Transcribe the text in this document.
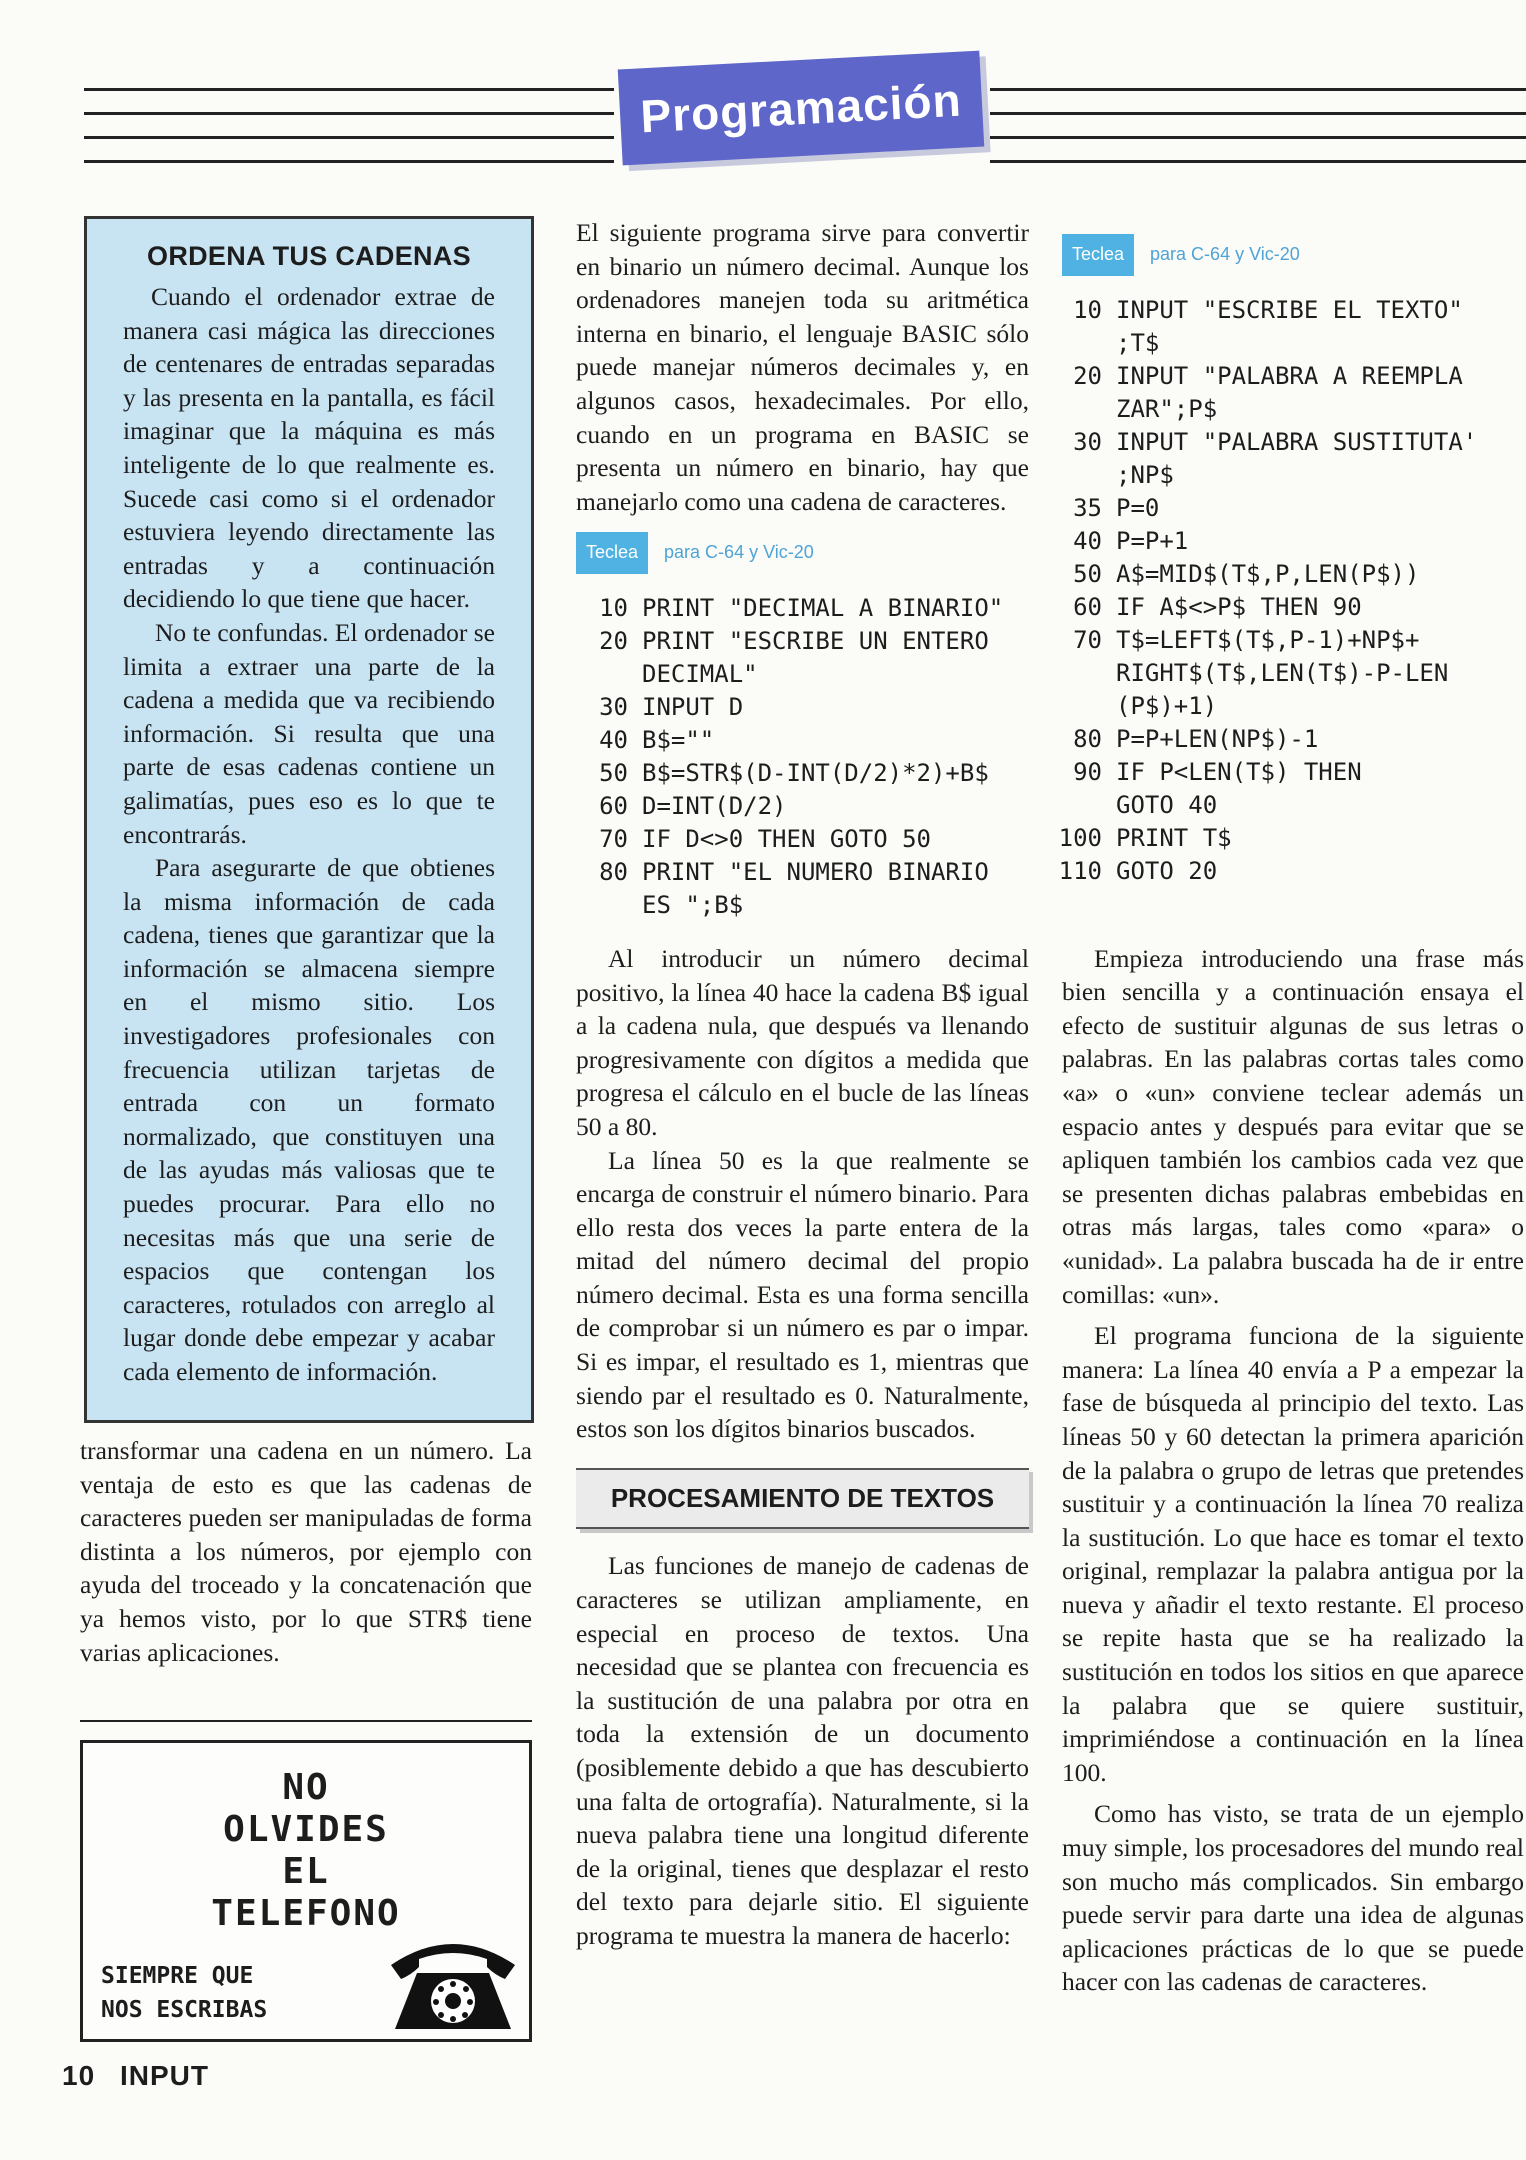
Programación
ORDENA TUS CADENAS

Cuando el ordenador extrae de manera casi mágica las direcciones de centenares de entradas separadas y las presenta en la pantalla, es fácil imaginar que la máquina es más inteligente de lo que realmente es. Sucede casi como si el ordenador estuviera leyendo directamente las entradas y a continuación decidiendo lo que tiene que hacer.

No te confundas. El ordenador se limita a extraer una parte de la cadena a medida que va recibiendo información. Si resulta que una parte de esas cadenas contiene un galimatías, pues eso es lo que te encontrarás.

Para asegurarte de que obtienes la misma información de cada cadena, tienes que garantizar que la información se almacena siempre en el mismo sitio. Los investigadores profesionales con frecuencia utilizan tarjetas de entrada con un formato normalizado, que constituyen una de las ayudas más valiosas que te puedes procurar. Para ello no necesitas más que una serie de espacios que contengan los caracteres, rotulados con arreglo al lugar donde debe empezar y acabar cada elemento de información.

transformar una cadena en un número. La ventaja de esto es que las cadenas de caracteres pueden ser manipuladas de forma distinta a los números, por ejemplo con ayuda del troceado y la concatenación que ya hemos visto, por lo que STR$ tiene varias aplicaciones.

NO
OLVIDES
EL
TELEFONO
SIEMPRE QUE
NOS ESCRIBAS

El siguiente programa sirve para convertir en binario un número decimal. Aunque los ordenadores manejen toda su aritmética interna en binario, el lenguaje BASIC sólo puede manejar números decimales y, en algunos casos, hexadecimales. Por ello, cuando en un programa en BASIC se presenta un número en binario, hay que manejarlo como una cadena de caracteres.

Teclea	para C-64 y Vic-20
10 PRINT "DECIMAL A BINARIO"
20 PRINT "ESCRIBE UN ENTERO
DECIMAL"
30 INPUT D
40 B$=""
50 B$=STR$(D-INT(D/2)*2)+B$
60 D=INT(D/2)
70 IF D<>0 THEN GOTO 50
80 PRINT "EL NUMERO BINARIO
ES ";B$

Al introducir un número decimal positivo, la línea 40 hace la cadena B$ igual a la cadena nula, que después va llenando progresivamente con dígitos a medida que progresa el cálculo en el bucle de las líneas 50 a 80.

La línea 50 es la que realmente se encarga de construir el número binario. Para ello resta dos veces la parte entera de la mitad del número decimal del propio número decimal. Esta es una forma sencilla de comprobar si un número es par o impar. Si es impar, el resultado es 1, mientras que siendo par el resultado es 0. Naturalmente, estos son los dígitos binarios buscados.

PROCESAMIENTO DE TEXTOS

Las funciones de manejo de cadenas de caracteres se utilizan ampliamente, en especial en proceso de textos. Una necesidad que se plantea con frecuencia es la sustitución de una palabra por otra en toda la extensión de un documento (posiblemente debido a que has descubierto una falta de ortografía). Naturalmente, si la nueva palabra tiene una longitud diferente de la original, tienes que desplazar el resto del texto para dejarle sitio. El siguiente programa te muestra la manera de hacerlo:

Teclea	para C-64 y Vic-20
10 INPUT "ESCRIBE EL TEXTO"
;T$
20 INPUT "PALABRA A REEMPLA
ZAR";P$
30 INPUT "PALABRA SUSTITUTA'
;NP$
35 P=0
40 P=P+1
50 A$=MID$(T$,P,LEN(P$))
60 IF A$<>P$ THEN 90
70 T$=LEFT$(T$,P-1)+NP$+
RIGHT$(T$,LEN(T$)-P-LEN
(P$)+1)
80 P=P+LEN(NP$)-1
90 IF P<LEN(T$) THEN
GOTO 40
100 PRINT T$
110 GOTO 20

Empieza introduciendo una frase más bien sencilla y a continuación ensaya el efecto de sustituir algunas de sus letras o palabras. En las palabras cortas tales como «a» o «un» conviene teclear además un espacio antes y después para evitar que se apliquen también los cambios cada vez que se presenten dichas palabras embebidas en otras más largas, tales como «para» o «unidad». La palabra buscada ha de ir entre comillas: «un».

El programa funciona de la siguiente manera: La línea 40 envía a P a empezar la fase de búsqueda al principio del texto. Las líneas 50 y 60 detectan la primera aparición de la palabra o grupo de letras que pretendes sustituir y a continuación la línea 70 realiza la sustitución. Lo que hace es tomar el texto original, remplazar la palabra antigua por la nueva y añadir el texto restante. El proceso se repite hasta que se ha realizado la sustitución en todos los sitios en que aparece la palabra que se quiere sustituir, imprimiéndose a continuación en la línea 100.

Como has visto, se trata de un ejemplo muy simple, los procesadores del mundo real son mucho más complicados. Sin embargo puede servir para darte una idea de algunas aplicaciones prácticas de lo que se puede hacer con las cadenas de caracteres.

10 INPUT
